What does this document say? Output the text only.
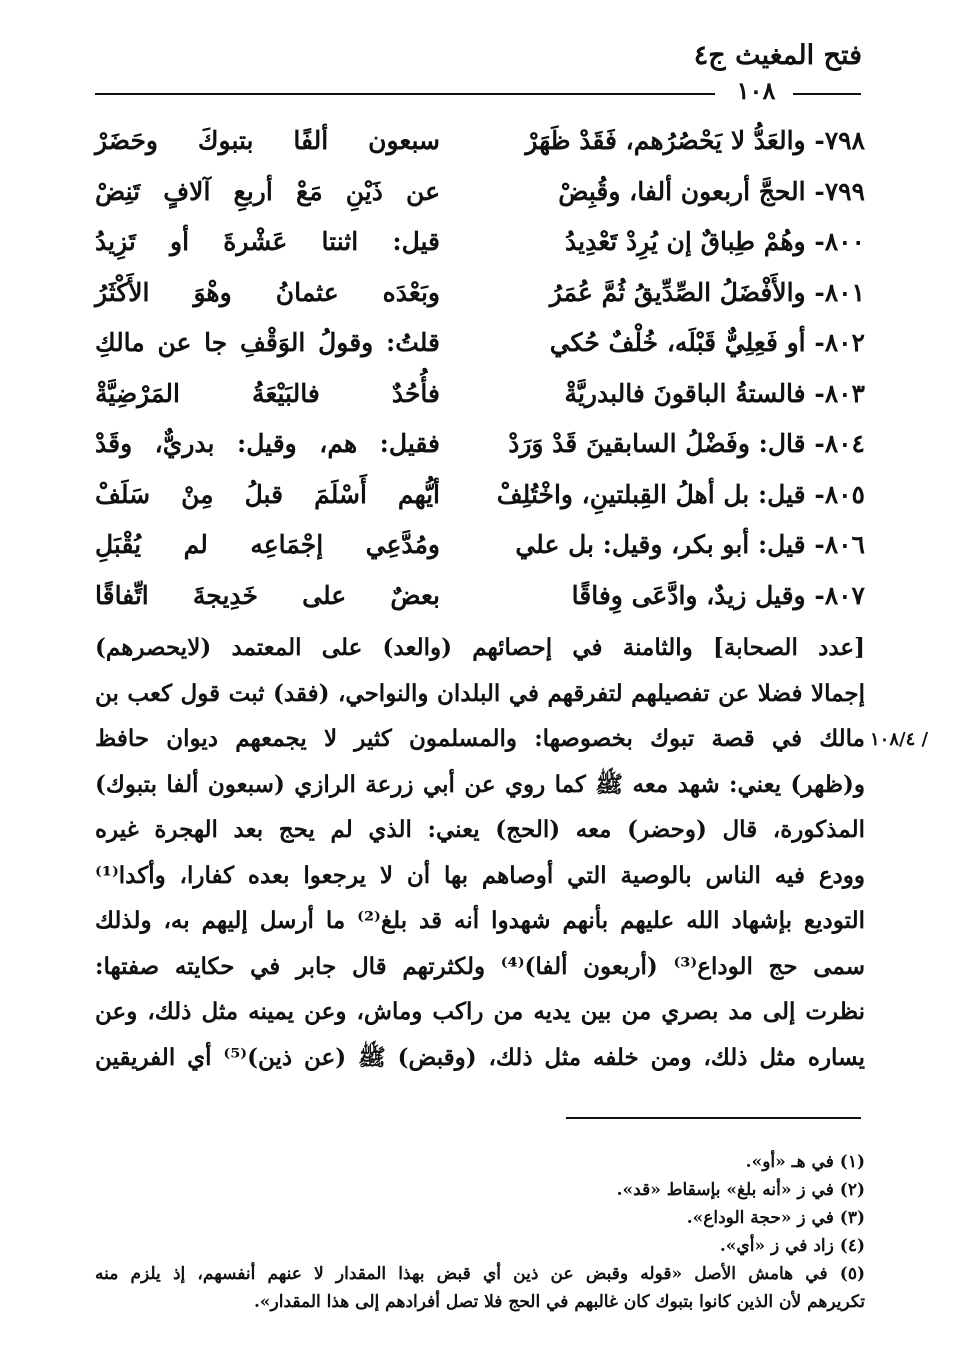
فتح المغيث ج٤
١٠٨
٧٩٨- والعَدُّ لا يَحْصُرُهم، فَقَدْ ظَهَرْ
سبعون ألفًا بتبوكَ وحَضَرْ
٧٩٩- الحجَّ أربعون ألفا، وقُبِضْ
عن ذَيْنِ مَعْ أربعِ آلافٍ تَنِضْ
٨٠٠- وهُمْ طِباقٌ إن يُرِدْ تَعْدِيدُ
قيل: اثنتا عَشْرةَ أو تَزِيدُ
٨٠١- والأَفْضَلُ الصِّدِّيقُ ثُمَّ عُمَرُ
وبَعْدَه عثمانُ وهْوَ الأَكْثَرُ
٨٠٢- أو فَعِلِيٌّ قَبْلَه، خُلْفٌ حُكي
قلتُ: وقولُ الوَقْفِ جا عن مالكِ
٨٠٣- فالستةُ الباقونَ فالبدريَّةْ
فأُحُدٌ فالبَيْعَةُ المَرْضِيَّةْ
٨٠٤- قال: وفَضْلُ السابقينَ قَدْ وَرَدْ
فقيل: هم، وقيل: بدريٌّ، وقَدْ
٨٠٥- قيل: بل أهلُ القِبلتينِ، واخْتُلِفْ
أيُّهم أَسْلَمَ قبلُ مِنْ سَلَفْ
٨٠٦- قيل: أبو بكر، وقيل: بل علي
ومُدَّعِي إجْمَاعِه لم يُقْبَلِ
٨٠٧- وقيل زيدٌ، وادَّعَى وِفاقًا
بعضٌ على خَدِيجةَ اتِّفاقًا
[عدد الصحابة] والثامنة في إحصائهم (والعد) على المعتمد (لايحصرهم)
إجمالا فضلا عن تفصيلهم لتفرقهم في البلدان والنواحي، (فقد) ثبت قول كعب بن
مالك في قصة تبوك بخصوصها: والمسلمون كثير لا يجمعهم ديوان حافظ
و(ظهر) يعني: شهد معه ﷺ كما روي عن أبي زرعة الرازي (سبعون ألفا بتبوك)
المذكورة، قال (وحضر) معه (الحج) يعني: الذي لم يحج بعد الهجرة غيره
وودع فيه الناس بالوصية التي أوصاهم بها أن لا يرجعوا بعده كفارا، وأكدا⁽¹⁾
التوديع بإشهاد الله عليهم بأنهم شهدوا أنه قد بلغ⁽²⁾ ما أرسل إليهم به، ولذلك
سمى حج الوداع⁽³⁾ (أربعون ألفا)⁽⁴⁾ ولكثرتهم قال جابر في حكايته صفتها:
نظرت إلى مد بصري من بين يديه من راكب وماش، وعن يمينه مثل ذلك، وعن
يساره مثل ذلك، ومن خلفه مثل ذلك، (وقبض) ﷺ (عن ذين)⁽⁵⁾ أي الفريقين
/ ١٠٨/٤
(١) في هـ «أو».
(٢) في ز «أنه بلغ» بإسقاط «قد».
(٣) في ز «حجة الوداع».
(٤) زاد في ز «أي».
(٥) في هامش الأصل «قوله وقبض عن ذين أي قبض بهذا المقدار لا عنهم أنفسهم، إذ يلزم منه
تكريرهم لأن الذين كانوا بتبوك كان غالبهم في الحج فلا تصل أفرادهم إلى هذا المقدار».
